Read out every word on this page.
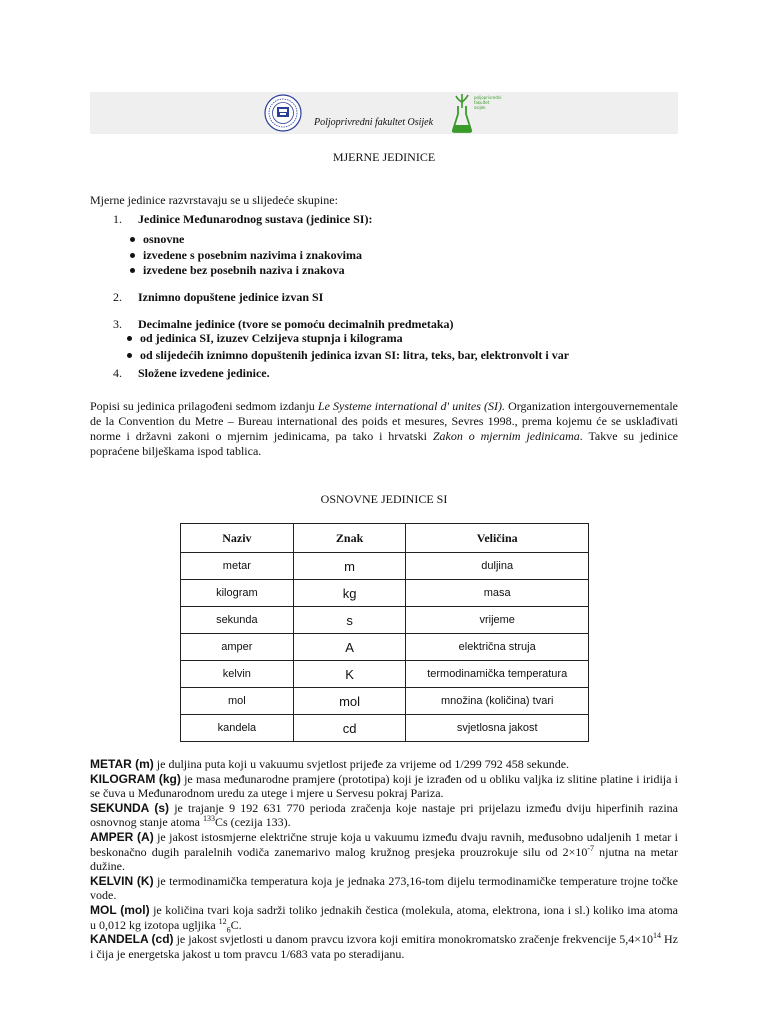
poljoprivredni
fakultet
osijek
Poljoprivredni fakultet Osijek
MJERNE JEDINICE
Mjerne jedinice razvrstavaju se u slijedeće skupine:
1. Jedinice Međunarodnog sustava (jedinice SI):
osnovne
izvedene s posebnim nazivima i znakovima
izvedene bez posebnih naziva i znakova
2. Iznimno dopuštene jedinice izvan SI
3. Decimalne jedinice (tvore se pomoću decimalnih predmetaka)
od jedinica SI, izuzev Celzijeva stupnja i kilograma
od slijedećih iznimno dopuštenih jedinica izvan SI: litra, teks, bar, elektronvolt i var
4. Složene izvedene jedinice.
Popisi su jedinica prilagođeni sedmom izdanju Le Systeme international d' unites (SI). Organization intergouvernementale de la Convention du Metre – Bureau international des poids et mesures, Sevres 1998., prema kojemu će se usklađivati norme i državni zakoni o mjernim jedinicama, pa tako i hrvatski Zakon o mjernim jedinicama. Takve su jedinice popraćene bilješkama ispod tablica.
OSNOVNE JEDINICE SI
Naziv	Znak	Veličina
metar	m	duljina
kilogram	kg	masa
sekunda	s	vrijeme
amper	A	električna struja
kelvin	K	termodinamička temperatura
mol	mol	množina (količina) tvari
kandela	cd	svjetlosna jakost

METAR (m) je duljina puta koji u vakuumu svjetlost prijeđe za vrijeme od 1/299 792 458 sekunde.

KILOGRAM (kg) je masa međunarodne pramjere (prototipa) koji je izrađen od u obliku valjka iz slitine platine i iridija i se čuva u Međunarodnom uredu za utege i mjere u Servesu pokraj Pariza.

SEKUNDA (s) je trajanje 9 192 631 770 perioda zračenja koje nastaje pri prijelazu između dviju hiperfinih razina osnovnog stanje atoma $^{133}$Cs (cezija 133).

AMPER (A) je jakost istosmjerne električne struje koja u vakuumu između dvaju ravnih, međusobno udaljenih 1 metar i beskonačno dugih paralelnih vodiča zanemarivo malog kružnog presjeka prouzrokuje silu od $2\times 10^{-7}$ njutna na metar dužine.

KELVIN (K) je termodinamička temperatura koja je jednaka 273,16-tom dijelu termodinamičke temperature trojne točke vode.

MOL (mol) je količina tvari koja sadrži toliko jednakih čestica (molekula, atoma, elektrona, iona i sl.) koliko ima atoma u 0,012 kg izotopa ugljika $^{12}_6$C.

KANDELA (cd) je jakost svjetlosti u danom pravcu izvora koji emitira monokromatsko zračenje frekvencije $5,4\times 10^{14}$ Hz i čija je energetska jakost u tom pravcu 1/683 vata po steradijanu.
